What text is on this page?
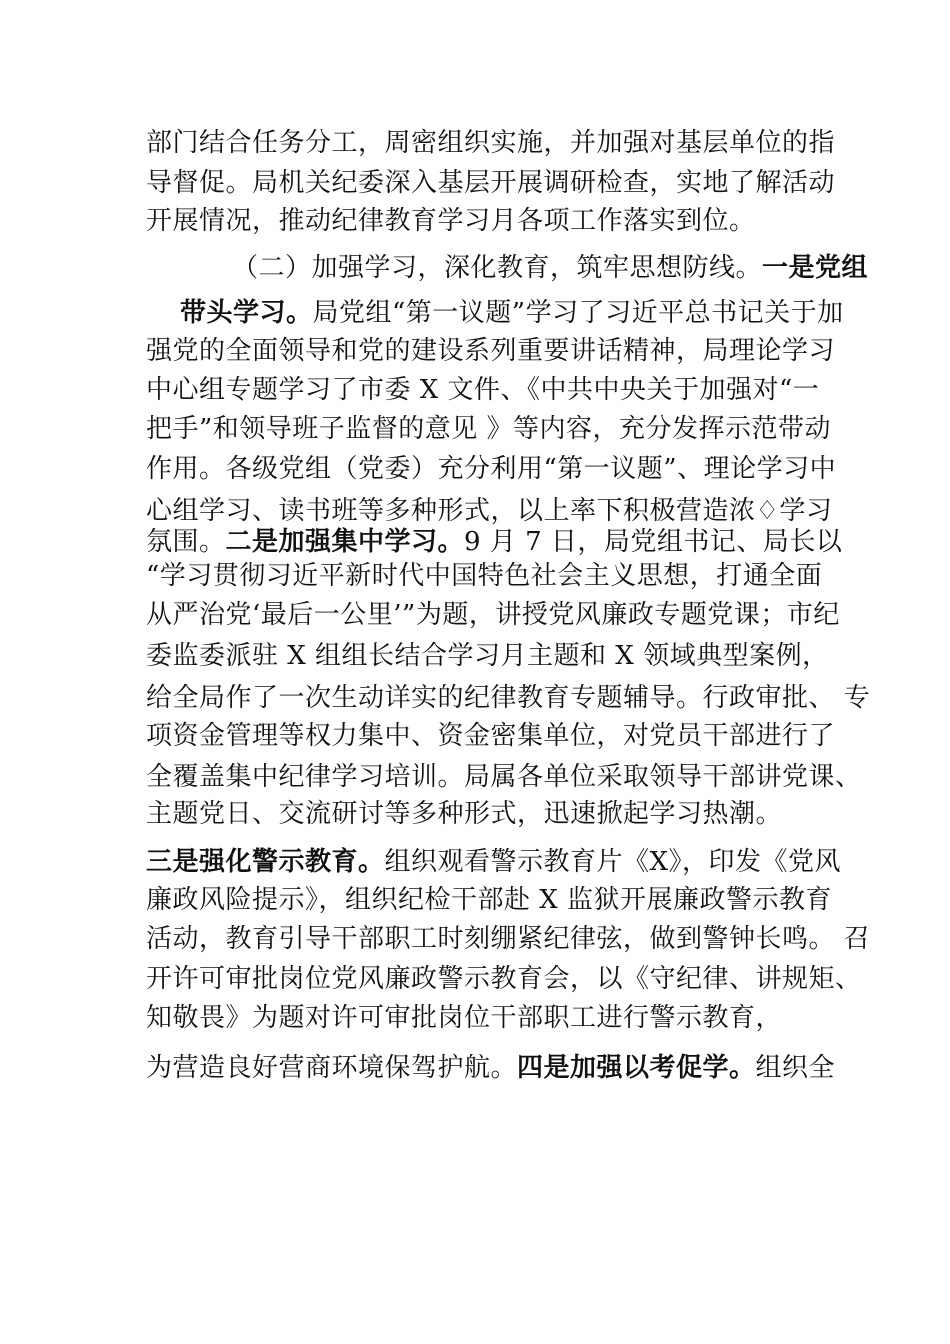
部门结合任务分工，周密组织实施，并加强对基层单位的指
导督促。局机关纪委深入基层开展调研检查，实地了解活动
开展情况，推动纪律教育学习月各项工作落实到位。
（二）加强学习，深化教育，筑牢思想防线。一是党组
带头学习。局党组“第一议题”学习了习近平总书记关于加
强党的全面领导和党的建设系列重要讲话精神，局理论学习
中心组专题学习了市委 X 文件、《中共中央关于加强对“一
把手”和领导班子监督的意见 》等内容，充分发挥示范带动
作用。各级党组（党委）充分利用“第一议题”、理论学习中
心组学习、读书班等多种形式，以上率下积极营造浓♢学习
氛围。二是加强集中学习。9 月 7 日，局党组书记、局长以
“学习贯彻习近平新时代中国特色社会主义思想，打通全面
从严治党‘最后一公里’”为题，讲授党风廉政专题党课；市纪
委监委派驻 X 组组长结合学习月主题和 X 领域典型案例，
给全局作了一次生动详实的纪律教育专题辅导。行政审批、 专
项资金管理等权力集中、资金密集单位，对党员干部进行了
全覆盖集中纪律学习培训。局属各单位采取领导干部讲党课、
主题党日、交流研讨等多种形式，迅速掀起学习热潮。
三是强化警示教育。组织观看警示教育片《X》，印发《党风
廉政风险提示》，组织纪检干部赴 X 监狱开展廉政警示教育
活动，教育引导干部职工时刻绷紧纪律弦，做到警钟长鸣。 召
开许可审批岗位党风廉政警示教育会，以《守纪律、讲规矩、
知敬畏》为题对许可审批岗位干部职工进行警示教育，
为营造良好营商环境保驾护航。四是加强以考促学。组织全
